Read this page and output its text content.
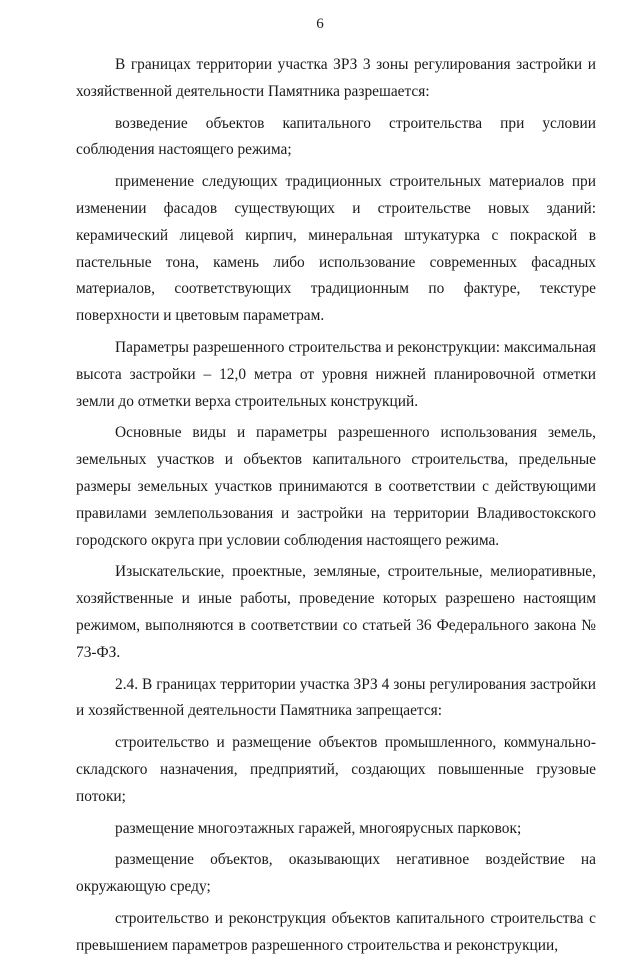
6

В границах территории участка ЗРЗ 3 зоны регулирования застройки и хозяйственной деятельности Памятника разрешается:

возведение объектов капитального строительства при условии соблюдения настоящего режима;

применение следующих традиционных строительных материалов при изменении фасадов существующих и строительстве новых зданий: керамический лицевой кирпич, минеральная штукатурка с покраской в пастельные тона, камень либо использование современных фасадных материалов, соответствующих традиционным по фактуре, текстуре поверхности и цветовым параметрам.

Параметры разрешенного строительства и реконструкции: максимальная высота застройки – 12,0 метра от уровня нижней планировочной отметки земли до отметки верха строительных конструкций.

Основные виды и параметры разрешенного использования земель, земельных участков и объектов капитального строительства, предельные размеры земельных участков принимаются в соответствии с действующими правилами землепользования и застройки на территории Владивостокского городского округа при условии соблюдения настоящего режима.

Изыскательские, проектные, земляные, строительные, мелиоративные, хозяйственные и иные работы, проведение которых разрешено настоящим режимом, выполняются в соответствии со статьей 36 Федерального закона № 73-ФЗ.

2.4. В границах территории участка ЗРЗ 4 зоны регулирования застройки и хозяйственной деятельности Памятника запрещается:

строительство и размещение объектов промышленного, коммунально-складского назначения, предприятий, создающих повышенные грузовые потоки;

размещение многоэтажных гаражей, многоярусных парковок;

размещение объектов, оказывающих негативное воздействие на окружающую среду;

строительство и реконструкция объектов капитального строительства с превышением параметров разрешенного строительства и реконструкции,
